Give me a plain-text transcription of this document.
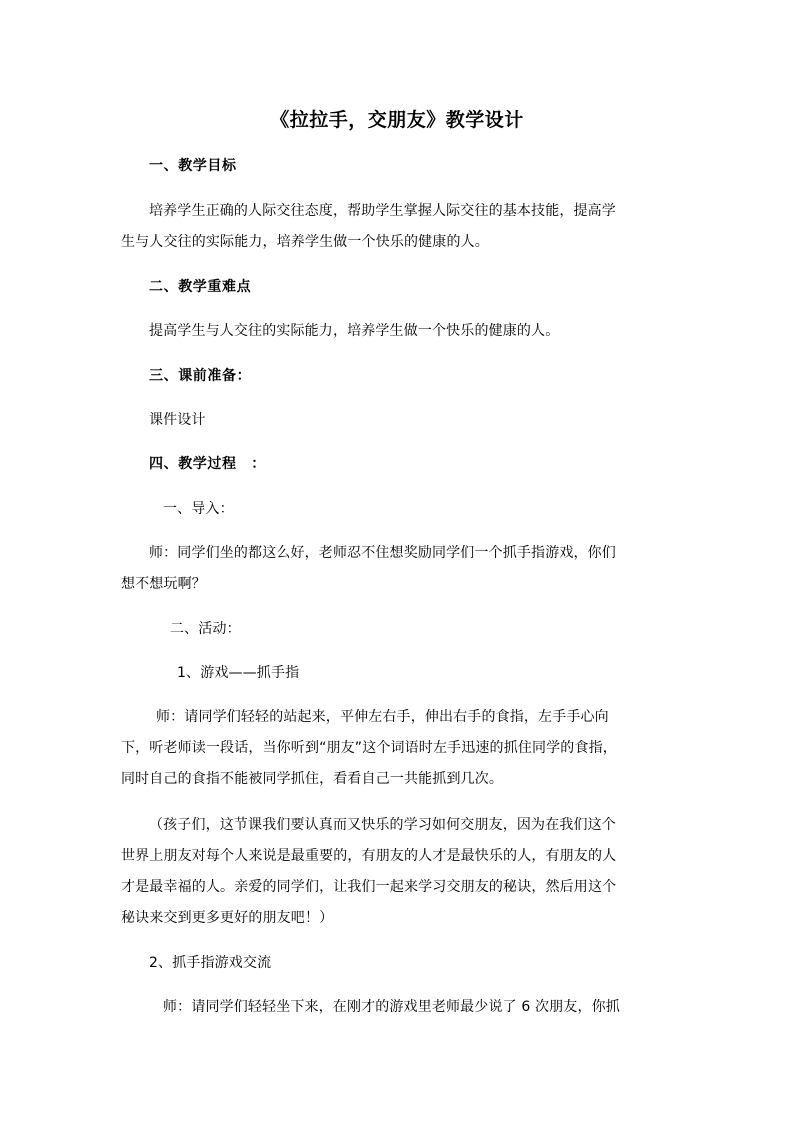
《拉拉手，交朋友》教学设计
一、教学目标
培养学生正确的人际交往态度，帮助学生掌握人际交往的基本技能，提高学
生与人交往的实际能力，培养学生做一个快乐的健康的人。
二、教学重难点
提高学生与人交往的实际能力，培养学生做一个快乐的健康的人。
三、课前准备：
课件设计
四、教学过程　：
一、导入：
师：同学们坐的都这么好，老师忍不住想奖励同学们一个抓手指游戏，你们
想不想玩啊？
二、活动：
1、游戏——抓手指
师：请同学们轻轻的站起来，平伸左右手，伸出右手的食指，左手手心向
下，听老师读一段话，当你听到“朋友”这个词语时左手迅速的抓住同学的食指，
同时自己的食指不能被同学抓住，看看自己一共能抓到几次。
（孩子们，这节课我们要认真而又快乐的学习如何交朋友，因为在我们这个
世界上朋友对每个人来说是最重要的，有朋友的人才是最快乐的人，有朋友的人
才是最幸福的人。亲爱的同学们，让我们一起来学习交朋友的秘诀，然后用这个
秘诀来交到更多更好的朋友吧！）
2、抓手指游戏交流
师：请同学们轻轻坐下来，在刚才的游戏里老师最少说了 6 次朋友，你抓
